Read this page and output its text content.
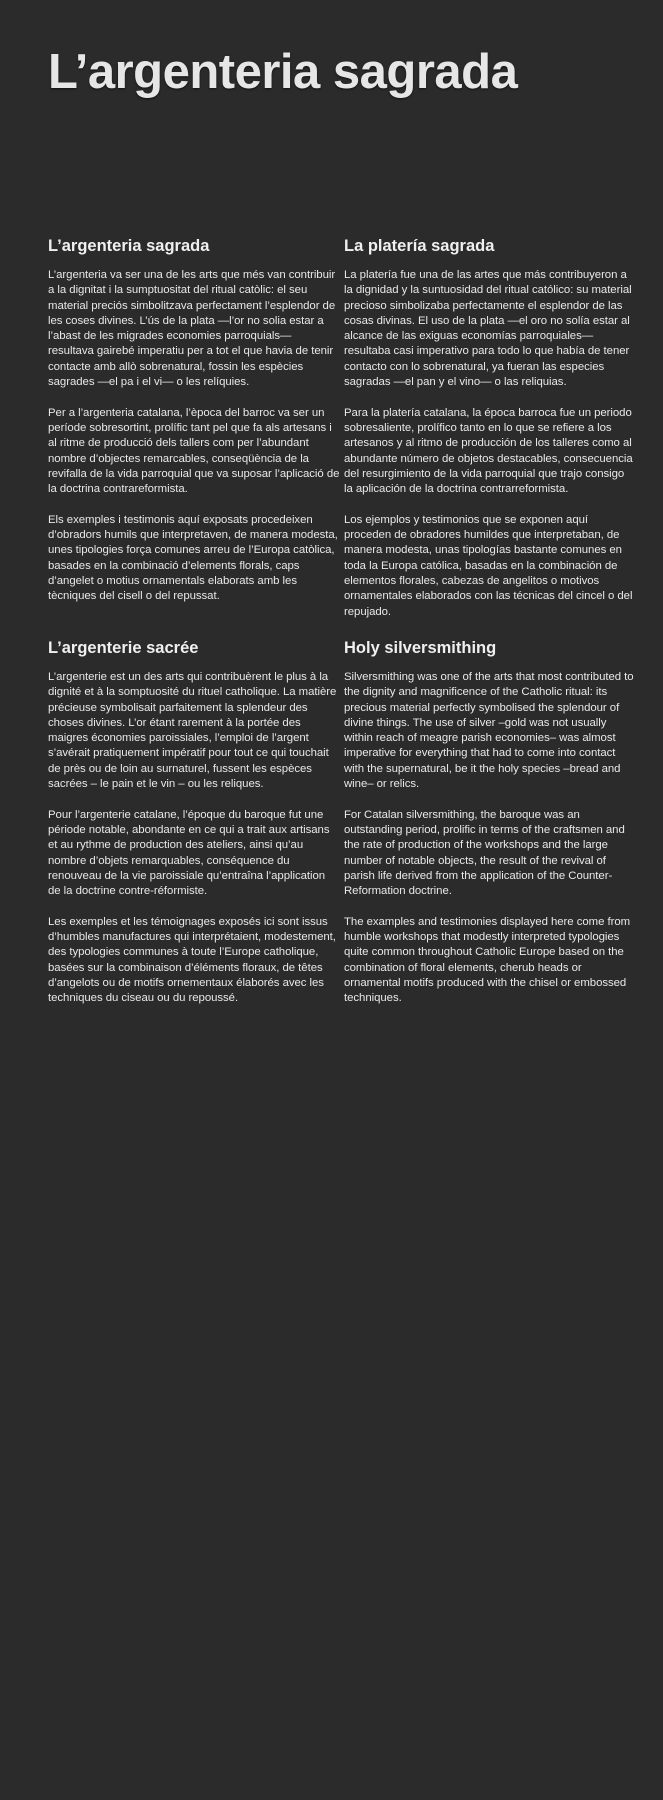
L’argenteria sagrada
L’argenteria sagrada

L’argenteria va ser una de les arts que més van contribuir a la dignitat i la sumptuositat del ritual catòlic: el seu material preciós simbolitzava perfectament l’esplendor de les coses divines. L’ús de la plata —l’or no solia estar a l’abast de les migrades economies parroquials— resultava gairebé imperatiu per a tot el que havia de tenir contacte amb allò sobrenatural, fossin les espècies sagrades —el pa i el vi— o les relíquies.

Per a l’argenteria catalana, l’època del barroc va ser un període sobresortint, prolífic tant pel que fa als artesans i al ritme de producció dels tallers com per l’abundant nombre d’objectes remarcables, conseqüència de la revifalla de la vida parroquial que va suposar l’aplicació de la doctrina contrareformista.

Els exemples i testimonis aquí exposats procedeixen d’obradors humils que interpretaven, de manera modesta, unes tipologies força comunes arreu de l’Europa catòlica, basades en la combinació d’elements florals, caps d’angelet o motius ornamentals elaborats amb les tècniques del cisell o del repussat.

La platería sagrada

La platería fue una de las artes que más contribuyeron a la dignidad y la suntuosidad del ritual católico: su material precioso simbolizaba perfectamente el esplendor de las cosas divinas. El uso de la plata —el oro no solía estar al alcance de las exiguas economías parroquiales— resultaba casi imperativo para todo lo que había de tener contacto con lo sobrenatural, ya fueran las especies sagradas —el pan y el vino— o las reliquias.

Para la platería catalana, la época barroca fue un periodo sobresaliente, prolífico tanto en lo que se refiere a los artesanos y al ritmo de producción de los talleres como al abundante número de objetos destacables, consecuencia del resurgimiento de la vida parroquial que trajo consigo la aplicación de la doctrina contrarreformista.

Los ejemplos y testimonios que se exponen aquí proceden de obradores humildes que interpretaban, de manera modesta, unas tipologías bastante comunes en toda la Europa católica, basadas en la combinación de elementos florales, cabezas de angelitos o motivos ornamentales elaborados con las técnicas del cincel o del repujado.

L’argenterie sacrée

L’argenterie est un des arts qui contribuèrent le plus à la dignité et à la somptuosité du rituel catholique. La matière précieuse symbolisait parfaitement la splendeur des choses divines. L’or étant rarement à la portée des maigres économies paroissiales, l’emploi de l’argent s’avérait pratiquement impératif pour tout ce qui touchait de près ou de loin au surnaturel, fussent les espèces sacrées – le pain et le vin – ou les reliques.

Pour l’argenterie catalane, l’époque du baroque fut une période notable, abondante en ce qui a trait aux artisans et au rythme de production des ateliers, ainsi qu’au nombre d’objets remarquables, conséquence du renouveau de la vie paroissiale qu’entraîna l’application de la doctrine contre-réformiste.

Les exemples et les témoignages exposés ici sont issus d’humbles manufactures qui interprétaient, modestement, des typologies communes à toute l’Europe catholique, basées sur la combinaison d’éléments floraux, de têtes d’angelots ou de motifs ornementaux élaborés avec les techniques du ciseau ou du repoussé.

Holy silversmithing

Silversmithing was one of the arts that most contributed to the dignity and magnificence of the Catholic ritual: its precious material perfectly symbolised the splendour of divine things. The use of silver –gold was not usually within reach of meagre parish economies– was almost imperative for everything that had to come into contact with the supernatural, be it the holy species –bread and wine– or relics.

For Catalan silversmithing, the baroque was an outstanding period, prolific in terms of the craftsmen and the rate of production of the workshops and the large number of notable objects, the result of the revival of parish life derived from the application of the Counter-Reformation doctrine.

The examples and testimonies displayed here come from humble workshops that modestly interpreted typologies quite common throughout Catholic Europe based on the combination of floral elements, cherub heads or ornamental motifs produced with the chisel or embossed techniques.
